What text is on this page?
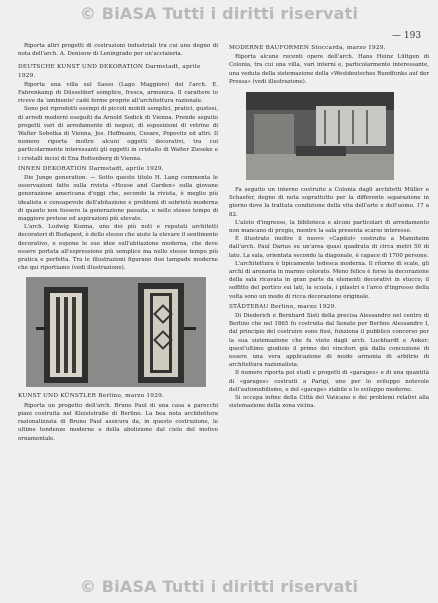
© BiASA Tutti i diritti riservati
— 193

Riporta altri progetti di costruzioni industriali tra cui uno degno di nota dell'arch. A. Denisow di Leningrado per un'acciaieria.

DEUTSCHE KUNST UND DEKORATION Darmstadt, aprile 1929.

Riporta una villa sul Sasso (Lago Maggiore) del l'arch. E. Fahrenkamp di Düsseldorf semplice, fresca, armonica. Il carattere lo riceve da 'ambiente' cadé forme proprie all'architettura razionale.

Sono poi riprodotti esempi di piccoli mobili semplici, pratici, gustosi, di arredi moderni eseguiti da Arnold Sodick di Vienna. Prende seguito progetti vari di arredamento di negozi, di esposizioni di vetrine di Walter Sobotka di Vienna, Jos. Hoffmann, Cesare, Popovitz ed altri. Il numero riporta inoltre alcuni oggetti decorativi, tra cui particolarmente interessanti gli oggetti in cristallo di Walter Zieseke e i cristalli incisi di Ena Rottenberg di Vienna.

INNEN DEKORATION Darmstadt, aprile 1929.

Die Junge generation. — Sotto questo titolo H. Lang commenta le osservazioni fatte sulla rivista «House and Garden» sulla giovane generazione americana d'oggi che, secondo la rivista, è meglio più idealista e consapevole dell'abitazione e problemi di sobrietà moderna di quanto non fossero la generazione passata, e nello stesso tempo di maggiore pretese ed aspirazioni più elevate.

L'arch. Ludwig Kozma, uno dei più noti e reputati architetti decoratori di Budapest, è dello stesso che aiuto la elevare il sentimento decorativo, e espone le sue idee sull'abitazione moderna, che deve essere portata all'espressione più semplice ma nello stesso tempo più pratica e perfetta. Tra le illustrazioni figurano due lampade moderne che qui riportiamo (vedi illustrazione).

KUNST UND KÜNSTLER Berlino, marzo 1929.

Riporta un progetto dell'arch. Bruno Paul di una casa a parecchi piani costruita nel Kleiststraße di Berlino. La bea nota architettura razionalizzata di Bruno Paul assicura da, in questo costruzione, le ultime tendenze moderne e della abolizione dal cielo del motivo ornamentale.

MODERNE BAUFORMEN Stoccarda, marzo 1929.

Riporta alcune recenti opere dell'arch. Hans Heinz Lüttgen di Colonia, tra cui una villa, vari interni e, particolarmente interessante, una veduta della sistemazione della «Westdeutsches Rundfunks auf der Pressa» (vedi illustrazione).

Fa seguito un interno costruito a Colonia dagli architetti Müller e Schaefer, degno di nota soprattutto per la differente separazione in giorno dove la trattata condizione della vita dell'arte e dell'uomo. 17 a 82.

L'aloto d'ingresso, la biblioteca e alcuni particolari di arredamento non mancano di pregio, mentre la sala presenta scarso interesse.

È illustrato inoltre il nuovo «Capitol» costruito a Mannheim dall'arch. Paul Darius su un'area quasi quadrata di circa metri 50 di lato. La sala, orientata secondo la diagonale, è capace di 1700 persone.

L'architettura è tipicamente tedesca moderna. Il ritorno di scale, gli archi di arenaria in marmo colorato. Meno felice è forse la decorazione della sala ricavata in gran parte da elementi decorativi in stucco; il soffitto del portico sui lati, la scuola, i pilastri e l'arco d'ingresso della volta sono un modo di ricca decorazione originale.

STÄDTEBAU Berlino, marzo 1929.

Di Diederich e Bernhard Sisti della precisa Alessandro nel centro di Berlino che nel 1865 fu costruita dal Senato per Berlino Alessandro I, dal principio del costruire sono fissi, funziona il pubblico concorso per la sua sistemazione che fu vinto dagli arch. Luckhardt e Anker; quest'ultimo giudizio il primo dei vincitori già dalla concezione di essere una vera applicazione di modo armonia di arbitrio di architettura razionalista.

Il numero riporta poi studi e progetti di «garages» e di una quantità di «garages» costruiti a Parigi, uno per lo sviluppo notevole dell'automobilismo, e del «garage» stabile e lo sviluppo moderno.

Si occupa infine della Città del Vaticano e dei problemi relativi alla sistemazione della zona vicina.

© BiASA Tutti i diritti riservati
